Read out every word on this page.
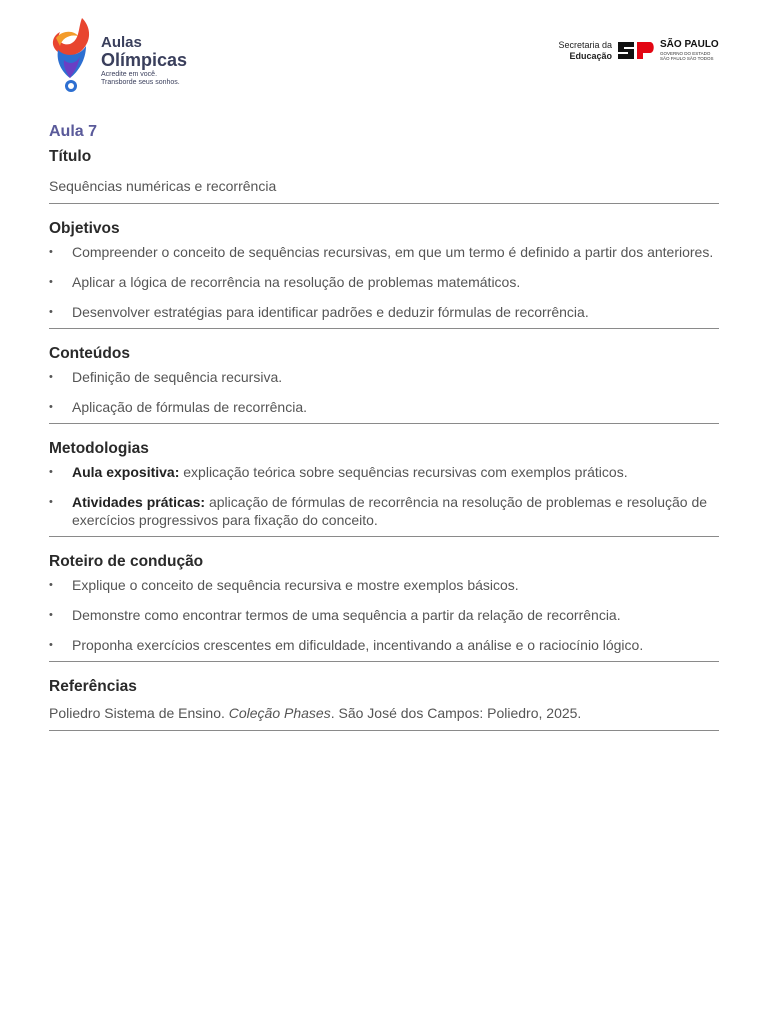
Aulas
Olímpicas
Acredite em você.
Transborde seus sonhos.
Secretaria da
Educação
SÃO PAULO
GOVERNO DO ESTADO
SÃO PAULO SÃO TODOS

Aula 7

Título

Sequências numéricas e recorrência

Objetivos

• Compreender o conceito de sequências recursivas, em que um termo é definido a partir dos anteriores.
• Aplicar a lógica de recorrência na resolução de problemas matemáticos.
• Desenvolver estratégias para identificar padrões e deduzir fórmulas de recorrência.

Conteúdos

• Definição de sequência recursiva.
• Aplicação de fórmulas de recorrência.

Metodologias

• Aula expositiva: explicação teórica sobre sequências recursivas com exemplos práticos.
• Atividades práticas: aplicação de fórmulas de recorrência na resolução de problemas e resolução de exercícios progressivos para fixação do conceito.

Roteiro de condução

• Explique o conceito de sequência recursiva e mostre exemplos básicos.
• Demonstre como encontrar termos de uma sequência a partir da relação de recorrência.
• Proponha exercícios crescentes em dificuldade, incentivando a análise e o raciocínio lógico.

Referências

Poliedro Sistema de Ensino. Coleção Phases. São José dos Campos: Poliedro, 2025.
